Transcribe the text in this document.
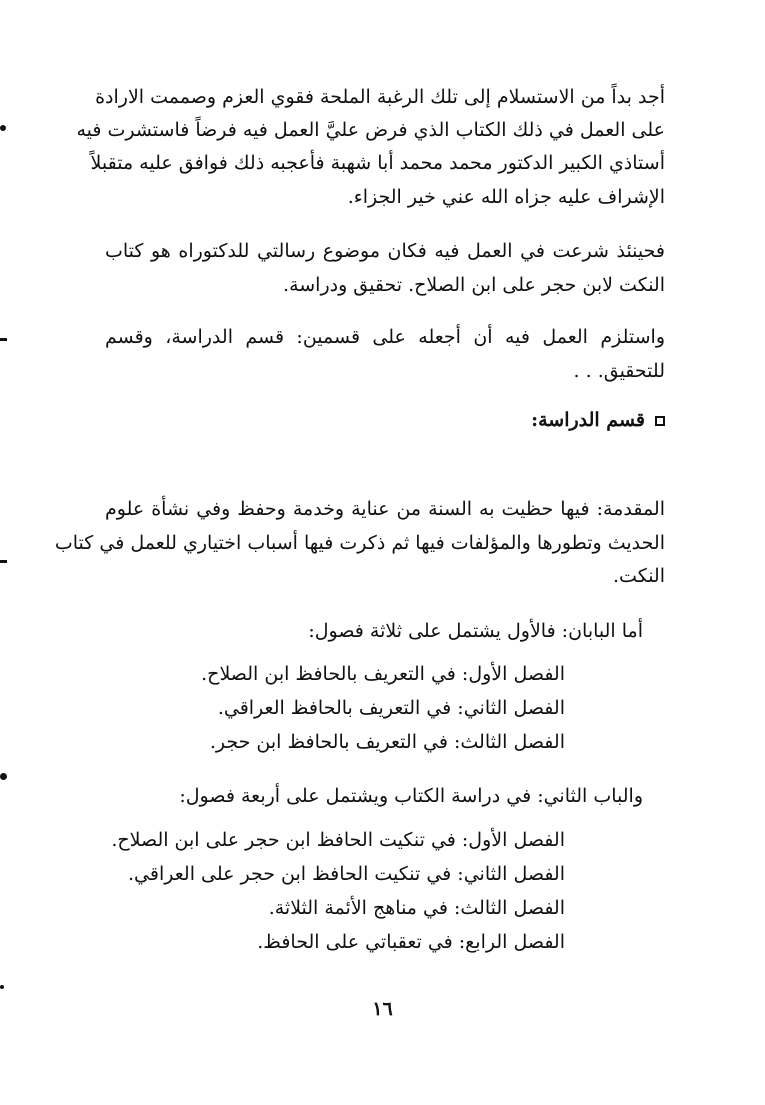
أجد بداً من الاستسلام إلى تلك الرغبة الملحة فقوي العزم وصممت الارادة
على العمل في ذلك الكتاب الذي فرض عليَّ العمل فيه فرضاً فاستشرت فيه
أستاذي الكبير الدكتور محمد محمد أبا شهبة فأعجبه ذلك فوافق عليه متقبلاً
الإشراف عليه جزاه الله عني خير الجزاء.
فحينئذ شرعت في العمل فيه فكان موضوع رسالتي للدكتوراه هو كتاب
النكت لابن حجر على ابن الصلاح. تحقيق ودراسة.
واستلزم العمل فيه أن أجعله على قسمين: قسم الدراسة، وقسم
للتحقيق. . .
قسم الدراسة:
المقدمة: فيها حظيت به السنة من عناية وخدمة وحفظ وفي نشأة علوم
الحديث وتطورها والمؤلفات فيها ثم ذكرت فيها أسباب اختياري للعمل في كتاب
النكت.
أما البابان: فالأول يشتمل على ثلاثة فصول:
الفصل الأول: في التعريف بالحافظ ابن الصلاح.
الفصل الثاني: في التعريف بالحافظ العراقي.
الفصل الثالث: في التعريف بالحافظ ابن حجر.
والباب الثاني: في دراسة الكتاب ويشتمل على أربعة فصول:
الفصل الأول: في تنكيت الحافظ ابن حجر على ابن الصلاح.
الفصل الثاني: في تنكيت الحافظ ابن حجر على العراقي.
الفصل الثالث: في مناهج الأئمة الثلاثة.
الفصل الرابع: في تعقباتي على الحافظ.
١٦
